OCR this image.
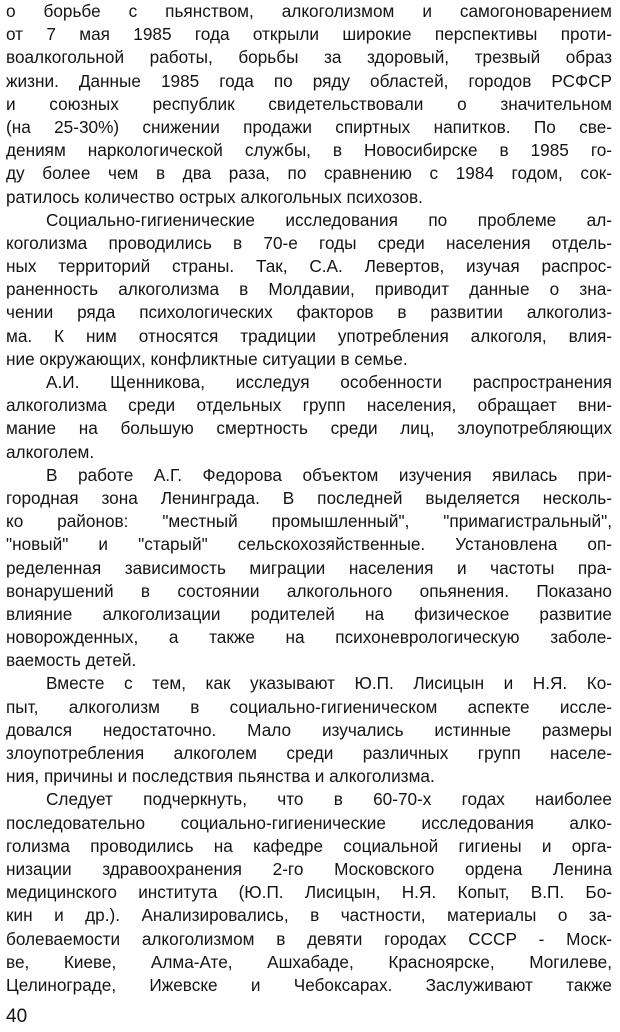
о борьбе с пьянством, алкоголизмом и самогоноварением
от 7 мая 1985 года открыли широкие перспективы проти-
воалкогольной работы, борьбы за здоровый, трезвый образ
жизни. Данные 1985 года по ряду областей, городов РСФСР
и союзных республик свидетельствовали о значительном
(на 25-30%) снижении продажи спиртных напитков. По све-
дениям наркологической службы, в Новосибирске в 1985 го-
ду более чем в два раза, по сравнению с 1984 годом, сок-
ратилось количество острых алкогольных психозов.
Социально-гигиенические исследования по проблеме ал-
коголизма проводились в 70-е годы среди населения отдель-
ных территорий страны. Так, С.А. Левертов, изучая распрос-
раненность алкоголизма в Молдавии, приводит данные о зна-
чении ряда психологических факторов в развитии алкоголиз-
ма. К ним относятся традиции употребления алкоголя, влия-
ние окружающих, конфликтные ситуации в семье.
А.И. Щенникова, исследуя особенности распространения
алкоголизма среди отдельных групп населения, обращает вни-
мание на большую смертность среди лиц, злоупотребляющих
алкоголем.
В работе А.Г. Федорова объектом изучения явилась при-
городная зона Ленинграда. В последней выделяется несколь-
ко районов: "местный промышленный", "примагистральный",
"новый" и "старый" сельскохозяйственные. Установлена оп-
ределенная зависимость миграции населения и частоты пра-
вонарушений в состоянии алкогольного опьянения. Показано
влияние алкоголизации родителей на физическое развитие
новорожденных, а также на психоневрологическую заболе-
ваемость детей.
Вместе с тем, как указывают Ю.П. Лисицын и Н.Я. Ко-
пыт, алкоголизм в социально-гигиеническом аспекте иссле-
довался недостаточно. Мало изучались истинные размеры
злоупотребления алкоголем среди различных групп населе-
ния, причины и последствия пьянства и алкоголизма.
Следует подчеркнуть, что в 60-70-х годах наиболее
последовательно социально-гигиенические исследования алко-
голизма проводились на кафедре социальной гигиены и орга-
низации здравоохранения 2-го Московского ордена Ленина
медицинского института (Ю.П. Лисицын, Н.Я. Копыт, В.П. Бо-
кин и др.). Анализировались, в частности, материалы о за-
болеваемости алкоголизмом в девяти городах СССР - Моск-
ве, Киеве, Алма-Ате, Ашхабаде, Красноярске, Могилеве,
Целинограде, Ижевске и Чебоксарах. Заслуживают также
40
